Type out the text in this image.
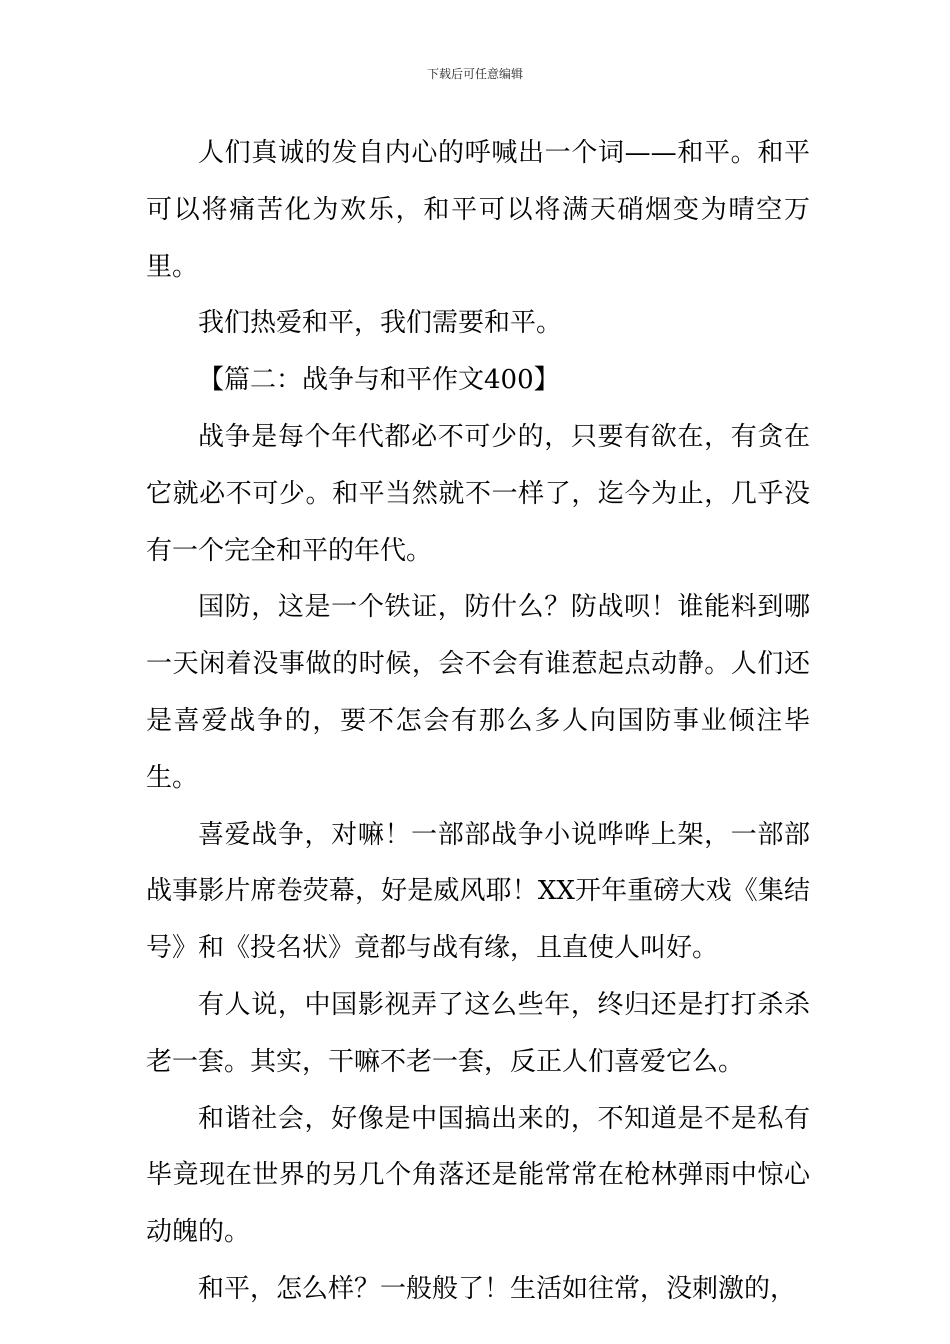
下载后可任意编辑

人们真诚的发自内心的呼喊出一个词——和平。和平可以将痛苦化为欢乐，和平可以将满天硝烟变为晴空万里。

我们热爱和平，我们需要和平。

【篇二：战争与和平作文400】

战争是每个年代都必不可少的，只要有欲在，有贪在它就必不可少。和平当然就不一样了，迄今为止，几乎没有一个完全和平的年代。

国防，这是一个铁证，防什么？防战呗！谁能料到哪一天闲着没事做的时候，会不会有谁惹起点动静。人们还是喜爱战争的，要不怎会有那么多人向国防事业倾注毕生。

喜爱战争，对嘛！一部部战争小说哗哗上架，一部部战事影片席卷荧幕，好是威风耶！XX开年重磅大戏《集结号》和《投名状》竟都与战有缘，且直使人叫好。

有人说，中国影视弄了这么些年，终归还是打打杀杀老一套。其实，干嘛不老一套，反正人们喜爱它么。

和谐社会，好像是中国搞出来的，不知道是不是私有毕竟现在世界的另几个角落还是能常常在枪林弹雨中惊心动魄的。

和平，怎么样？一般般了！生活如往常，没刺激的，
